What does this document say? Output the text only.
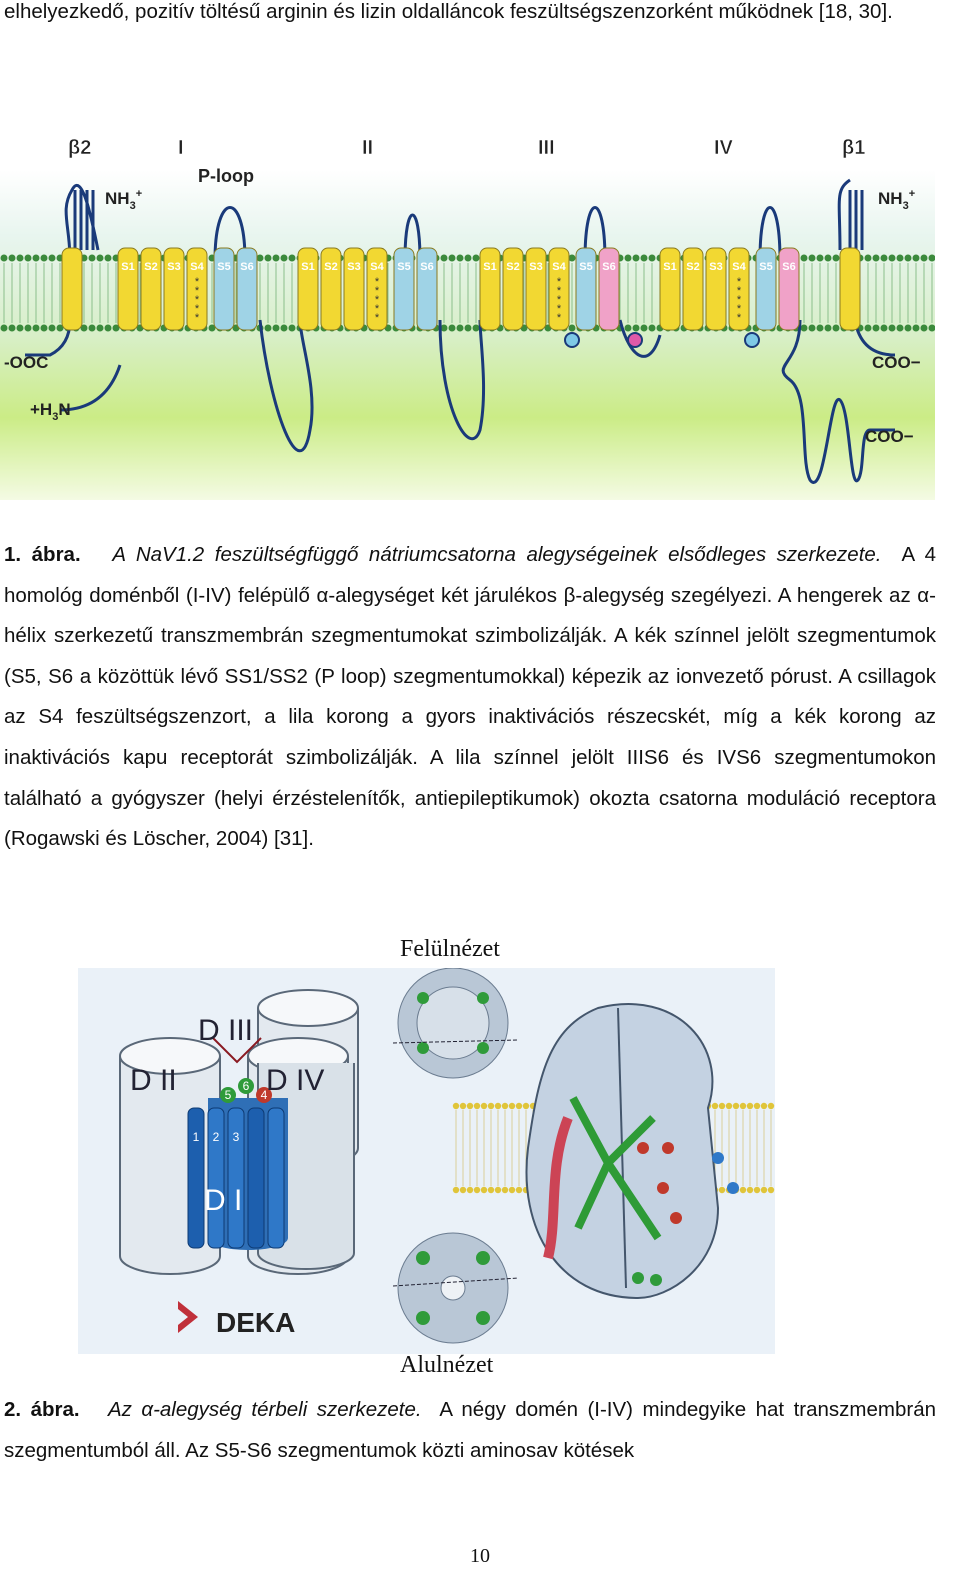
elhelyezkedő, pozitív töltésű arginin és lizin oldalláncok feszültségszenzorként működnek [18, 30].
S1 S2 S3 S4
*
*
*
*
*
S5 S6	S1 S2 S3 S4
*
*
*
*
*
S5 S6	S1 S2 S3 S4
*
*
*
*
*
S5 S6	S1 S2 S3 S4
*
*
*
*
*
S5 S6
β2	I	II	III	IV	β1
P-loop
$NH_3^+$	$NH_3^+$
-OOC
$+H_3N$
COO−
COO−
1. ábra. A NaV1.2 feszültségfüggő nátriumcsatorna alegységeinek elsődleges szerkezete. A 4 homológ doménből (I-IV) felépülő α-alegységet két járulékos β-alegység szegélyezi. A hengerek az α-hélix szerkezetű transzmembrán szegmentumokat szimbolizálják. A kék színnel jelölt szegmentumok (S5, S6 a közöttük lévő SS1/SS2 (P loop) szegmentumokkal) képezik az ionvezető pórust. A csillagok az S4 feszültségszenzort, a lila korong a gyors inaktivációs részecskét, míg a kék korong az inaktivációs kapu receptorát szimbolizálják. A lila színnel jelölt IIIS6 és IVS6 szegmentumokon található a gyógyszer (helyi érzéstelenítők, antiepileptikumok) okozta csatorna moduláció receptora (Rogawski és Löscher, 2004) [31].
Felülnézet
D III
D II	D IV
D I
1 2 3
4
5
6
DEKA
Alulnézet
2. ábra. Az α-alegység térbeli szerkezete. A négy domén (I-IV) mindegyike hat transzmembrán szegmentumból áll. Az S5-S6 szegmentumok közti aminosav kötések
10
